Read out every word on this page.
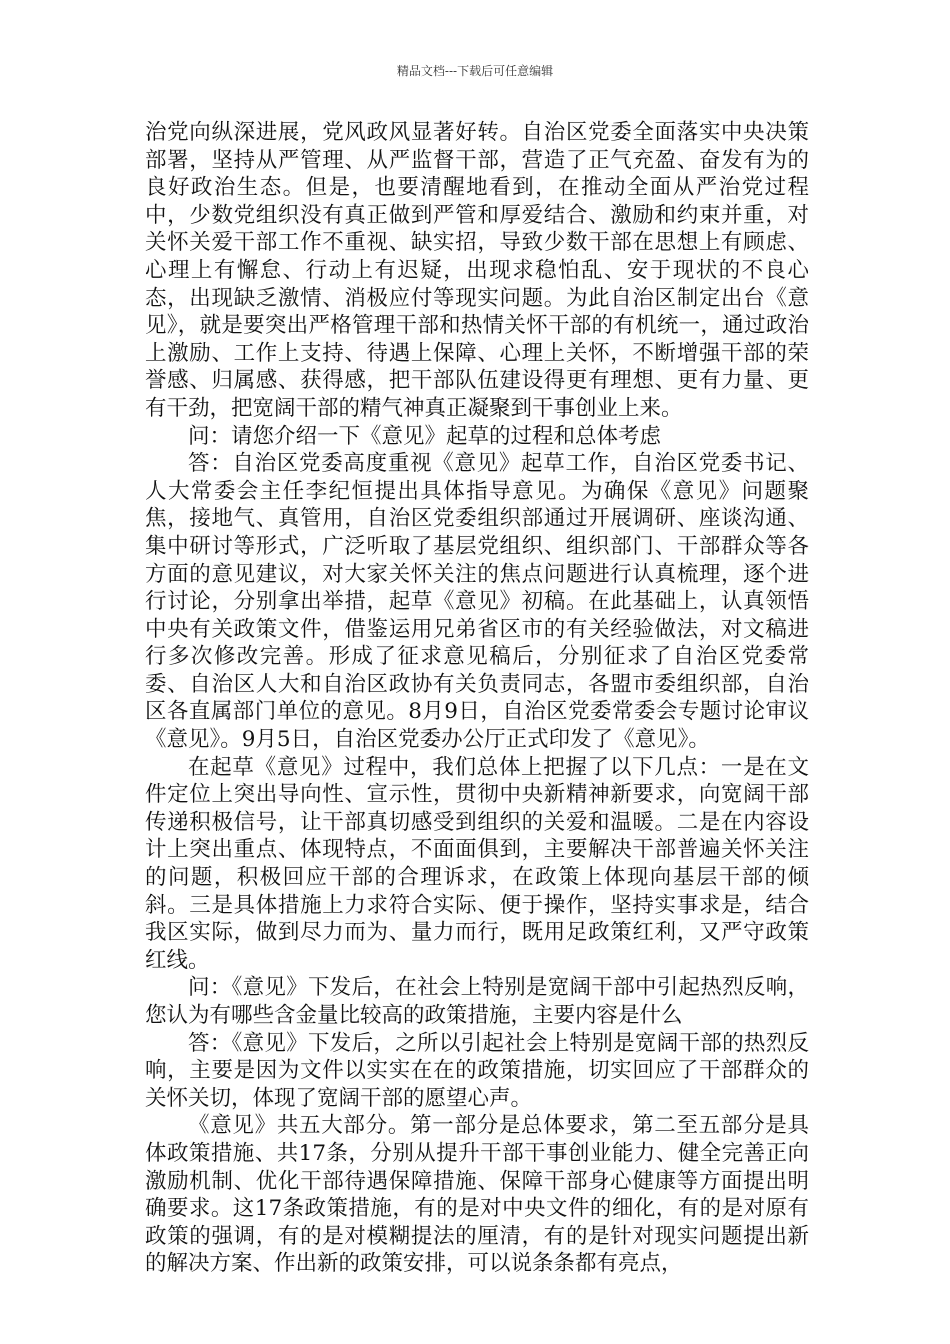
精品文档---下载后可任意编辑

治党向纵深进展，党风政风显著好转。自治区党委全面落实中央决策部署，坚持从严管理、从严监督干部，营造了正气充盈、奋发有为的良好政治生态。但是，也要清醒地看到，在推动全面从严治党过程中，少数党组织没有真正做到严管和厚爱结合、激励和约束并重，对关怀关爱干部工作不重视、缺实招，导致少数干部在思想上有顾虑、心理上有懈怠、行动上有迟疑，出现求稳怕乱、安于现状的不良心态，出现缺乏激情、消极应付等现实问题。为此自治区制定出台《意见》，就是要突出严格管理干部和热情关怀干部的有机统一，通过政治上激励、工作上支持、待遇上保障、心理上关怀，不断增强干部的荣誉感、归属感、获得感，把干部队伍建设得更有理想、更有力量、更有干劲，把宽阔干部的精气神真正凝聚到干事创业上来。

问：请您介绍一下《意见》起草的过程和总体考虑

答：自治区党委高度重视《意见》起草工作，自治区党委书记、人大常委会主任李纪恒提出具体指导意见。为确保《意见》问题聚焦，接地气、真管用，自治区党委组织部通过开展调研、座谈沟通、集中研讨等形式，广泛听取了基层党组织、组织部门、干部群众等各方面的意见建议，对大家关怀关注的焦点问题进行认真梳理，逐个进行讨论，分别拿出举措，起草《意见》初稿。在此基础上，认真领悟中央有关政策文件，借鉴运用兄弟省区市的有关经验做法，对文稿进行多次修改完善。形成了征求意见稿后，分别征求了自治区党委常委、自治区人大和自治区政协有关负责同志，各盟市委组织部，自治区各直属部门单位的意见。8月9日，自治区党委常委会专题讨论审议《意见》。9月5日，自治区党委办公厅正式印发了《意见》。

在起草《意见》过程中，我们总体上把握了以下几点：一是在文件定位上突出导向性、宣示性，贯彻中央新精神新要求，向宽阔干部传递积极信号，让干部真切感受到组织的关爱和温暖。二是在内容设计上突出重点、体现特点，不面面俱到，主要解决干部普遍关怀关注的问题，积极回应干部的合理诉求，在政策上体现向基层干部的倾斜。三是具体措施上力求符合实际、便于操作，坚持实事求是，结合我区实际，做到尽力而为、量力而行，既用足政策红利，又严守政策红线。

问：《意见》下发后，在社会上特别是宽阔干部中引起热烈反响，您认为有哪些含金量比较高的政策措施，主要内容是什么

答：《意见》下发后，之所以引起社会上特别是宽阔干部的热烈反响，主要是因为文件以实实在在的政策措施，切实回应了干部群众的关怀关切，体现了宽阔干部的愿望心声。

《意见》共五大部分。第一部分是总体要求，第二至五部分是具体政策措施、共17条，分别从提升干部干事创业能力、健全完善正向激励机制、优化干部待遇保障措施、保障干部身心健康等方面提出明确要求。这17条政策措施，有的是对中央文件的细化，有的是对原有政策的强调，有的是对模糊提法的厘清，有的是针对现实问题提出新的解决方案、作出新的政策安排，可以说条条都有亮点，
